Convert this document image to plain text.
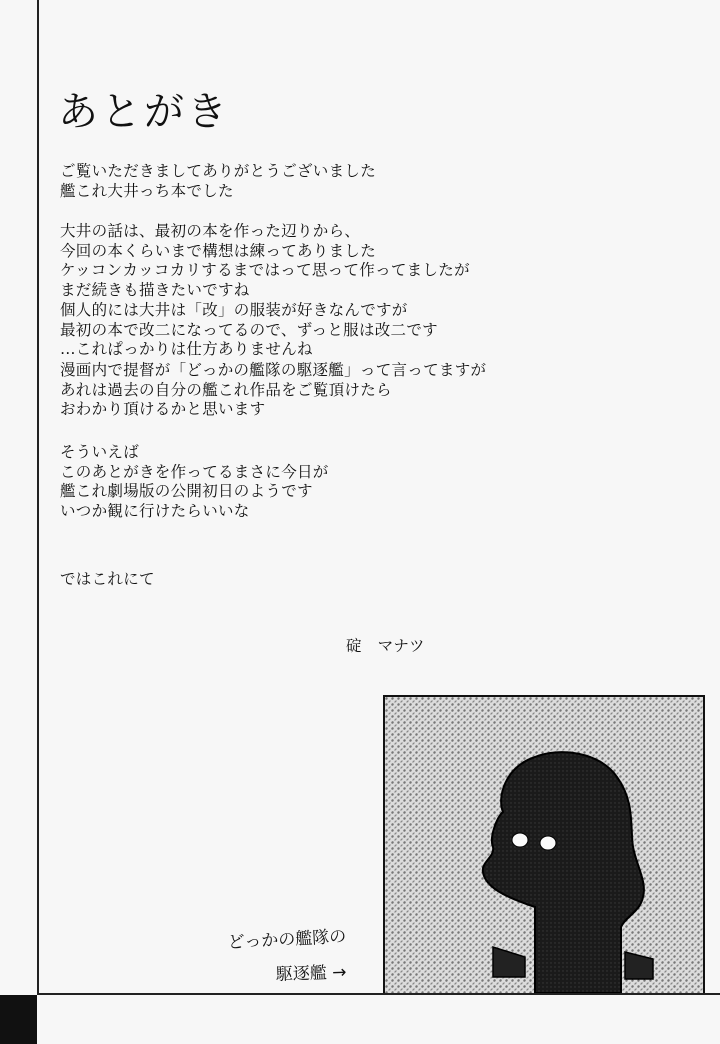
あとがき
ご覧いただきましてありがとうございました
艦これ大井っち本でした
大井の話は、最初の本を作った辺りから、
今回の本くらいまで構想は練ってありました
ケッコンカッコカリするまではって思って作ってましたが
まだ続きも描きたいですね
個人的には大井は「改」の服装が好きなんですが
最初の本で改二になってるので、ずっと服は改二です
…これぱっかりは仕方ありませんね
漫画内で提督が「どっかの艦隊の駆逐艦」って言ってますが
あれは過去の自分の艦これ作品をご覧頂けたら
おわかり頂けるかと思います
そういえば
このあとがきを作ってるまさに今日が
艦これ劇場版の公開初日のようです
いつか観に行けたらいいな
ではこれにて
碇　マナツ
どっかの艦隊の
駆逐艦 →
